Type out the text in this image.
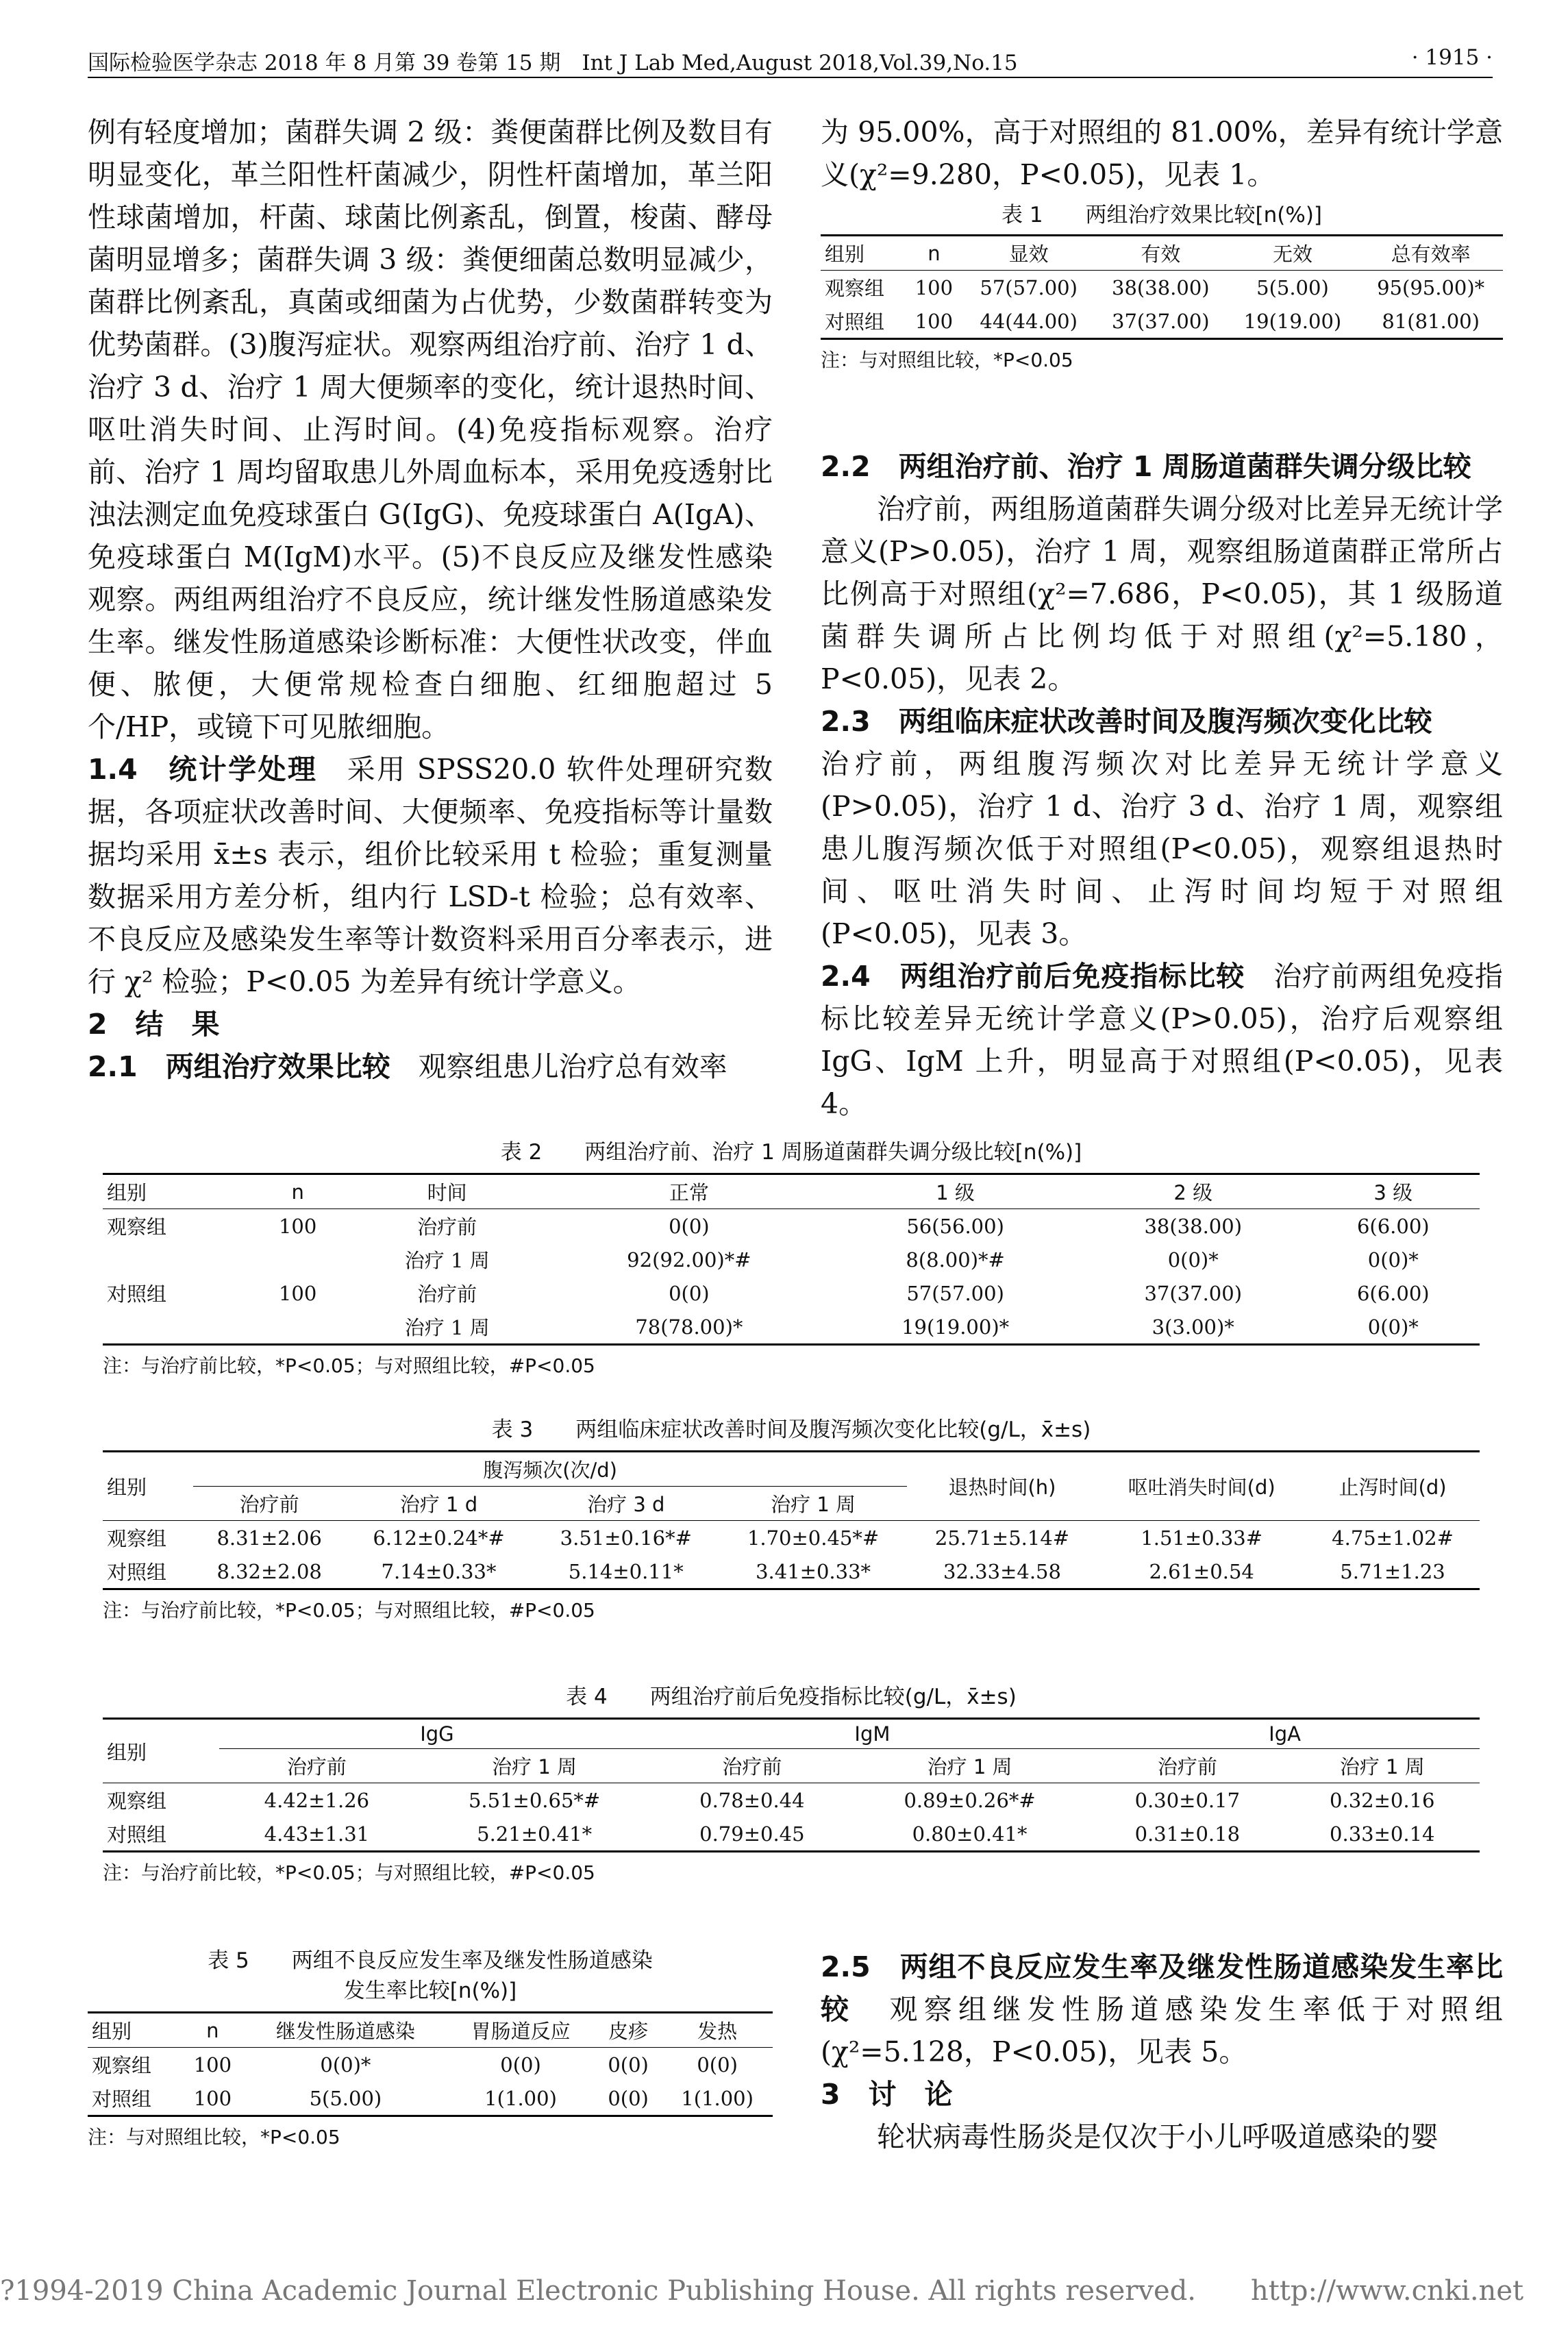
国际检验医学杂志 2018 年 8 月第 39 卷第 15 期　Int J Lab Med,August 2018,Vol.39,No.15	· 1915 ·

例有轻度增加；菌群失调 2 级：粪便菌群比例及数目有明显变化，革兰阳性杆菌减少，阴性杆菌增加，革兰阳性球菌增加，杆菌、球菌比例紊乱，倒置，梭菌、酵母菌明显增多；菌群失调 3 级：粪便细菌总数明显减少，菌群比例紊乱，真菌或细菌为占优势，少数菌群转变为优势菌群。(3)腹泻症状。观察两组治疗前、治疗 1 d、治疗 3 d、治疗 1 周大便频率的变化，统计退热时间、呕吐消失时间、止泻时间。(4)免疫指标观察。治疗前、治疗 1 周均留取患儿外周血标本，采用免疫透射比浊法测定血免疫球蛋白 G(IgG)、免疫球蛋白 A(IgA)、免疫球蛋白 M(IgM)水平。(5)不良反应及继发性感染观察。两组两组治疗不良反应，统计继发性肠道感染发生率。继发性肠道感染诊断标准：大便性状改变，伴血便、脓便，大便常规检查白细胞、红细胞超过 5 个/HP，或镜下可见脓细胞。

1.4　统计学处理　采用 SPSS20.0 软件处理研究数据，各项症状改善时间、大便频率、免疫指标等计量数据均采用 x̄±s 表示，组价比较采用 t 检验；重复测量数据采用方差分析，组内行 LSD-t 检验；总有效率、不良反应及感染发生率等计数资料采用百分率表示，进行 χ² 检验；P<0.05 为差异有统计学意义。

2　结　果

2.1　两组治疗效果比较　观察组患儿治疗总有效率

为 95.00%，高于对照组的 81.00%，差异有统计学意义(χ²=9.280，P<0.05)，见表 1。

表 1　　两组治疗效果比较[n(%)]
组别	n	显效	有效	无效	总有效率
观察组	100	57(57.00)	38(38.00)	5(5.00)	95(95.00)*
对照组	100	44(44.00)	37(37.00)	19(19.00)	81(81.00)
注：与对照组比较，*P<0.05

2.2　两组治疗前、治疗 1 周肠道菌群失调分级比较

治疗前，两组肠道菌群失调分级对比差异无统计学意义(P>0.05)，治疗 1 周，观察组肠道菌群正常所占比例高于对照组(χ²=7.686，P<0.05)，其 1 级肠道菌群失调所占比例均低于对照组(χ²=5.180，P<0.05)，见表 2。

2.3　两组临床症状改善时间及腹泻频次变化比较

治疗前，两组腹泻频次对比差异无统计学意义(P>0.05)，治疗 1 d、治疗 3 d、治疗 1 周，观察组患儿腹泻频次低于对照组(P<0.05)，观察组退热时间、呕吐消失时间、止泻时间均短于对照组(P<0.05)，见表 3。

2.4　两组治疗前后免疫指标比较　治疗前两组免疫指标比较差异无统计学意义(P>0.05)，治疗后观察组 IgG、IgM 上升，明显高于对照组(P<0.05)，见表 4。

表 2　　两组治疗前、治疗 1 周肠道菌群失调分级比较[n(%)]
组别	n	时间	正常	1 级	2 级	3 级
观察组	100	治疗前	0(0)	56(56.00)	38(38.00)	6(6.00)
		治疗 1 周	92(92.00)*#	8(8.00)*#	0(0)*	0(0)*
对照组	100	治疗前	0(0)	57(57.00)	37(37.00)	6(6.00)
		治疗 1 周	78(78.00)*	19(19.00)*	3(3.00)*	0(0)*
注：与治疗前比较，*P<0.05；与对照组比较，#P<0.05
表 3　　两组临床症状改善时间及腹泻频次变化比较(g/L，x̄±s)
组别	腹泻频次(次/d)				退热时间(h)	呕吐消失时间(d)	止泻时间(d)
	治疗前	治疗 1 d	治疗 3 d	治疗 1 周			
观察组	8.31±2.06	6.12±0.24*#	3.51±0.16*#	1.70±0.45*#	25.71±5.14#	1.51±0.33#	4.75±1.02#
对照组	8.32±2.08	7.14±0.33*	5.14±0.11*	3.41±0.33*	32.33±4.58	2.61±0.54	5.71±1.23
注：与治疗前比较，*P<0.05；与对照组比较，#P<0.05
表 4　　两组治疗前后免疫指标比较(g/L，x̄±s)
组别	IgG		IgM		IgA	
	治疗前	治疗 1 周	治疗前	治疗 1 周	治疗前	治疗 1 周
观察组	4.42±1.26	5.51±0.65*#	0.78±0.44	0.89±0.26*#	0.30±0.17	0.32±0.16
对照组	4.43±1.31	5.21±0.41*	0.79±0.45	0.80±0.41*	0.31±0.18	0.33±0.14
注：与治疗前比较，*P<0.05；与对照组比较，#P<0.05
表 5　　两组不良反应发生率及继发性肠道感染
发生率比较[n(%)]
组别	n	继发性肠道感染	胃肠道反应	皮疹	发热
观察组	100	0(0)*	0(0)	0(0)	0(0)
对照组	100	5(5.00)	1(1.00)	0(0)	1(1.00)
注：与对照组比较，*P<0.05

2.5　两组不良反应发生率及继发性肠道感染发生率比较　观察组继发性肠道感染发生率低于对照组(χ²=5.128，P<0.05)，见表 5。

3　讨　论

轮状病毒性肠炎是仅次于小儿呼吸道感染的婴

?1994-2019 China Academic Journal Electronic Publishing House. All rights reserved.　　http://www.cnki.net
